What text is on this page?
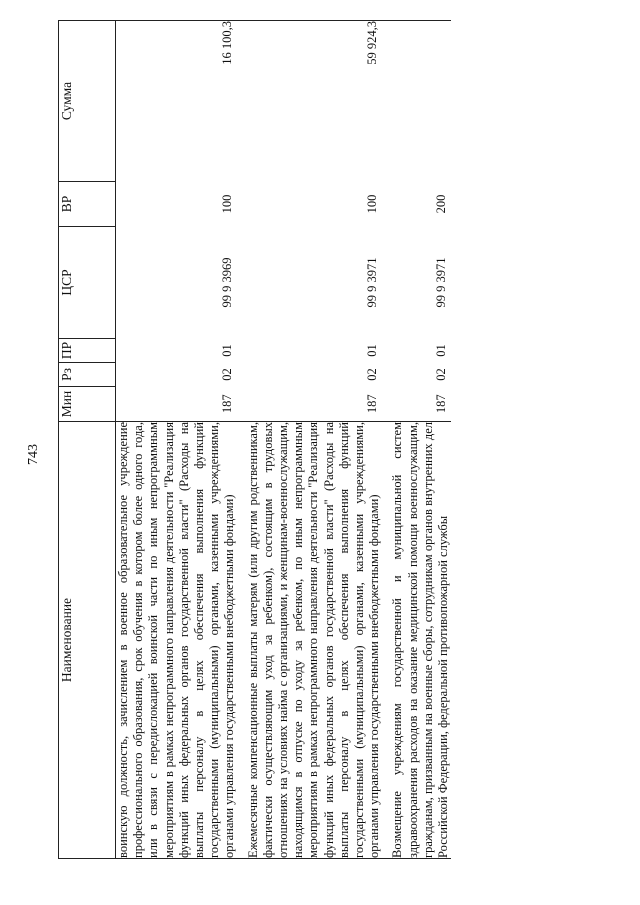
743
Наименование	Мин	Рз	ПР	ЦСР	ВР	Сумма
воинскую должность, зачислением в военное образовательное учреждение профессионального образования, срок обучения в котором более одного года, или в связи с передислокацией воинской части по иным непрограммным мероприятиям в рамках непрограммного направления деятельности "Реализация функций иных федеральных органов государственной власти" (Расходы на выплаты персоналу в целях обеспечения выполнения функций государственными (муниципальными) органами, казенными учреждениями, органами управления государственными внебюджетными фондами)	187	02	01	99 9 3969	100	16 100,3

Ежемесячные компенсационные выплаты матерям (или другим родственникам, фактически осуществляющим уход за ребенком), состоящим в трудовых отношениях на условиях найма с организациями, и женщинам-военнослужащим, находящимся в отпуске по уходу за ребенком, по иным непрограммным мероприятиям в рамках непрограммного направления деятельности "Реализация функций иных федеральных органов государственной власти" (Расходы на выплаты персоналу в целях обеспечения выполнения функций государственными (муниципальными) органами, казенными учреждениями, органами управления государственными внебюджетными фондами)	187	02	01	99 9 3971	100	59 924,3

Возмещение учреждениям государственной и муниципальной систем здравоохранения расходов на оказание медицинской помощи военнослужащим, гражданам, призванным на военные сборы, сотрудникам органов внутренних дел Российской Федерации, федеральной противопожарной службы	187	02	01	99 9 3971	200	
